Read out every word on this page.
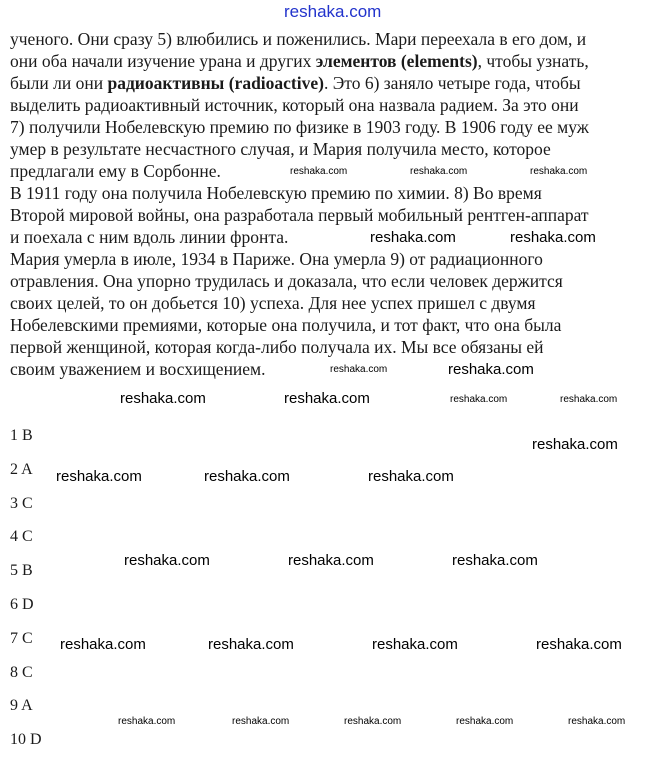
reshaka.com
ученого. Они сразу 5) влюбились и поженились. Мари переехала в его дом, и
они оба начали изучение урана и других элементов (elements), чтобы узнать,
были ли они радиоактивны (radioactive). Это 6) заняло четыре года, чтобы
выделить радиоактивный источник, который она назвала радием. За это они
7) получили Нобелевскую премию по физике в 1903 году. В 1906 году ее муж
умер в результате несчастного случая, и Мария получила место, которое
предлагали ему в Сорбонне.
В 1911 году она получила Нобелевскую премию по химии. 8) Во время
Второй мировой войны, она разработала первый мобильный рентген-аппарат
и поехала с ним вдоль линии фронта.
Мария умерла в июле, 1934 в Париже. Она умерла 9) от радиационного
отравления. Она упорно трудилась и доказала, что если человек держится
своих целей, то он добьется 10) успеха. Для нее успех пришел с двумя
Нобелевскими премиями, которые она получила, и тот факт, что она была
первой женщиной, которая когда-либо получала их. Мы все обязаны ей
своим уважением и восхищением.
1 B
2 A
3 C
4 C
5 B
6 D
7 C
8 C
9 A
10 D
reshaka.com	reshaka.com	reshaka.com
reshaka.com	reshaka.com
reshaka.com	reshaka.com
reshaka.com	reshaka.com	reshaka.com	reshaka.com
reshaka.com
reshaka.com	reshaka.com	reshaka.com
reshaka.com	reshaka.com	reshaka.com
reshaka.com	reshaka.com	reshaka.com	reshaka.com
reshaka.com	reshaka.com	reshaka.com	reshaka.com	reshaka.com
